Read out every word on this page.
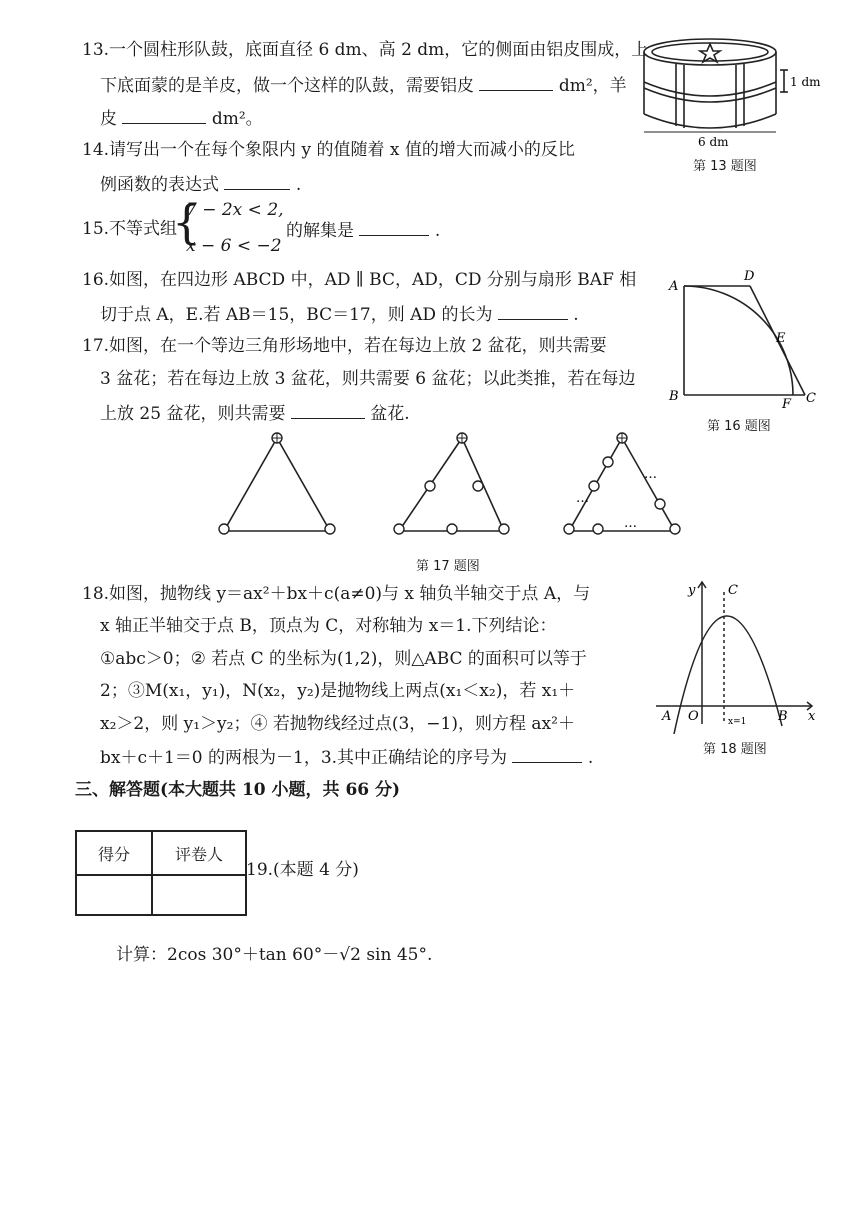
13.一个圆柱形队鼓，底面直径 6 dm、高 2 dm，它的侧面由铝皮围成，上
下底面蒙的是羊皮，做一个这样的队鼓，需要铝皮	dm²，羊
皮	dm²。
1 dm
6 dm
第 13 题图
14.请写出一个在每个象限内 y 的值随着 x 值的增大而减小的反比
例函数的表达式	.
15.不等式组
{
7 − 2x < 2,
x − 6 < −2
的解集是	.
16.如图，在四边形 ABCD 中，AD ∥ BC，AD，CD 分别与扇形 BAF 相
切于点 A，E.若 AB＝15，BC＝17，则 AD 的长为	.
A
D
E
B
F C
第 16 题图
17.如图，在一个等边三角形场地中，若在每边上放 2 盆花，则共需要
3 盆花；若在每边上放 3 盆花，则共需要 6 盆花；以此类推，若在每边
上放 25 盆花，则共需要	盆花.
…
…
…
第 17 题图
18.如图，抛物线 y＝ax²＋bx＋c(a≠0)与 x 轴负半轴交于点 A，与
x 轴正半轴交于点 B，顶点为 C，对称轴为 x＝1.下列结论：
①abc＞0；② 若点 C 的坐标为(1,2)，则△ABC 的面积可以等于
2；③M(x₁，y₁)，N(x₂，y₂)是抛物线上两点(x₁＜x₂)，若 x₁＋
x₂＞2，则 y₁＞y₂；④ 若抛物线经过点(3，−1)，则方程 ax²＋
bx＋c＋1＝0 的两根为－1，3.其中正确结论的序号为	.
y	C
A O	B x
x=1
第 18 题图
三、解答题(本大题共 10 小题，共 66 分)
得分	评卷人

19.(本题 4 分)
计算：2cos 30°＋tan 60°－√2 sin 45°.
